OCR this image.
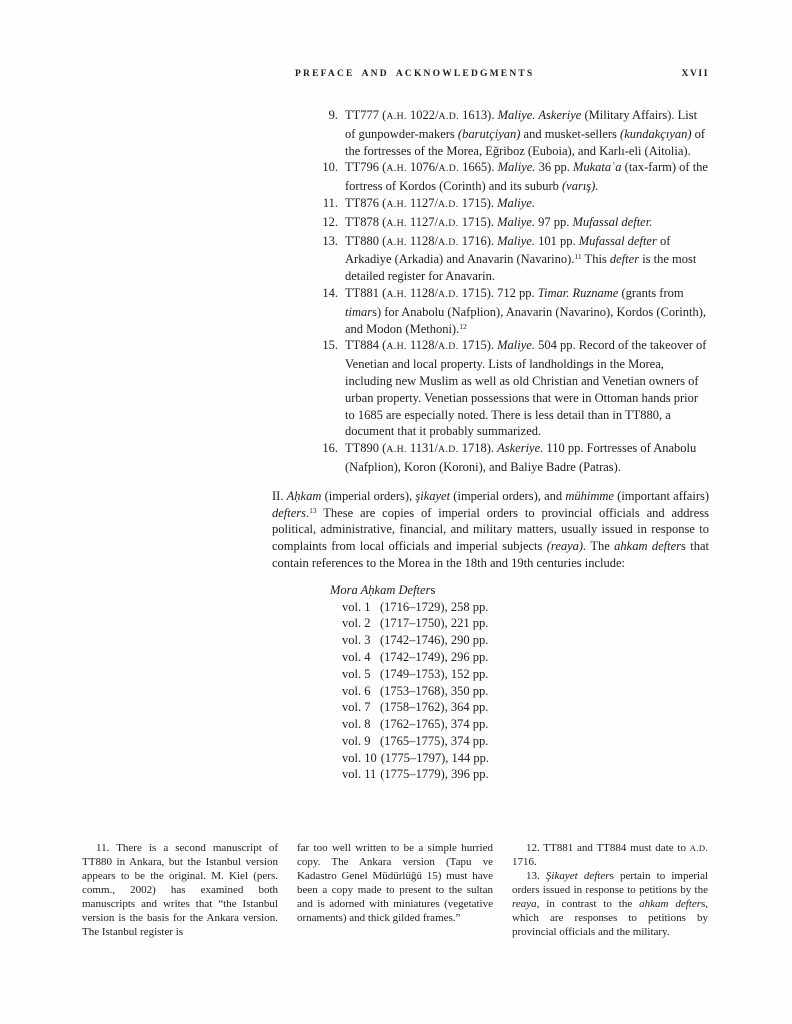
PREFACE AND ACKNOWLEDGMENTS	XVII
9. TT777 (A.H. 1022/A.D. 1613). Maliye. Askeriye (Military Affairs). List of gunpowder-makers (barutçiyan) and musket-sellers (kundakçıyan) of the fortresses of the Morea, Eğriboz (Euboia), and Karlı-eli (Aitolia).
10. TT796 (A.H. 1076/A.D. 1665). Maliye. 36 pp. Mukataʿa (tax-farm) of the fortress of Kordos (Corinth) and its suburb (varış).
11. TT876 (A.H. 1127/A.D. 1715). Maliye.
12. TT878 (A.H. 1127/A.D. 1715). Maliye. 97 pp. Mufassal defter.
13. TT880 (A.H. 1128/A.D. 1716). Maliye. 101 pp. Mufassal defter of Arkadiye (Arkadia) and Anavarin (Navarino).$^{11}$ This defter is the most detailed register for Anavarin.
14. TT881 (A.H. 1128/A.D. 1715). 712 pp. Timar. Ruzname (grants from timars) for Anabolu (Nafplion), Anavarin (Navarino), Kordos (Corinth), and Modon (Methoni).$^{12}$
15. TT884 (A.H. 1128/A.D. 1715). Maliye. 504 pp. Record of the takeover of Venetian and local property. Lists of landholdings in the Morea, including new Muslim as well as old Christian and Venetian owners of urban property. Venetian possessions that were in Ottoman hands prior to 1685 are especially noted. There is less detail than in TT880, a document that it probably summarized.
16. TT890 (A.H. 1131/A.D. 1718). Askeriye. 110 pp. Fortresses of Anabolu (Nafplion), Koron (Koroni), and Baliye Badre (Patras).

II. Aḥkam (imperial orders), şikayet (imperial orders), and mühimme (important affairs) defters.$^{13}$ These are copies of imperial orders to provincial officials and address political, administrative, financial, and military matters, usually issued in response to complaints from local officials and imperial subjects (reaya). The ahkam defters that contain references to the Morea in the 18th and 19th centuries include:

Mora Aḥkam Defters
vol. 1 (1716–1729), 258 pp.
vol. 2 (1717–1750), 221 pp.
vol. 3 (1742–1746), 290 pp.
vol. 4 (1742–1749), 296 pp.
vol. 5 (1749–1753), 152 pp.
vol. 6 (1753–1768), 350 pp.
vol. 7 (1758–1762), 364 pp.
vol. 8 (1762–1765), 374 pp.
vol. 9 (1765–1775), 374 pp.
vol. 10 (1775–1797), 144 pp.
vol. 11 (1775–1779), 396 pp.

11. There is a second manuscript of TT880 in Ankara, but the Istanbul version appears to be the original. M. Kiel (pers. comm., 2002) has examined both manuscripts and writes that “the Istanbul version is the basis for the Ankara version. The Istanbul register is

far too well written to be a simple hurried copy. The Ankara version (Tapu ve Kadastro Genel Müdürlüğü 15) must have been a copy made to present to the sultan and is adorned with miniatures (vegetative ornaments) and thick gilded frames.”

12. TT881 and TT884 must date to A.D. 1716.

13. Şikayet defters pertain to imperial orders issued in response to petitions by the reaya, in contrast to the ahkam defters, which are responses to petitions by provincial officials and the military.
